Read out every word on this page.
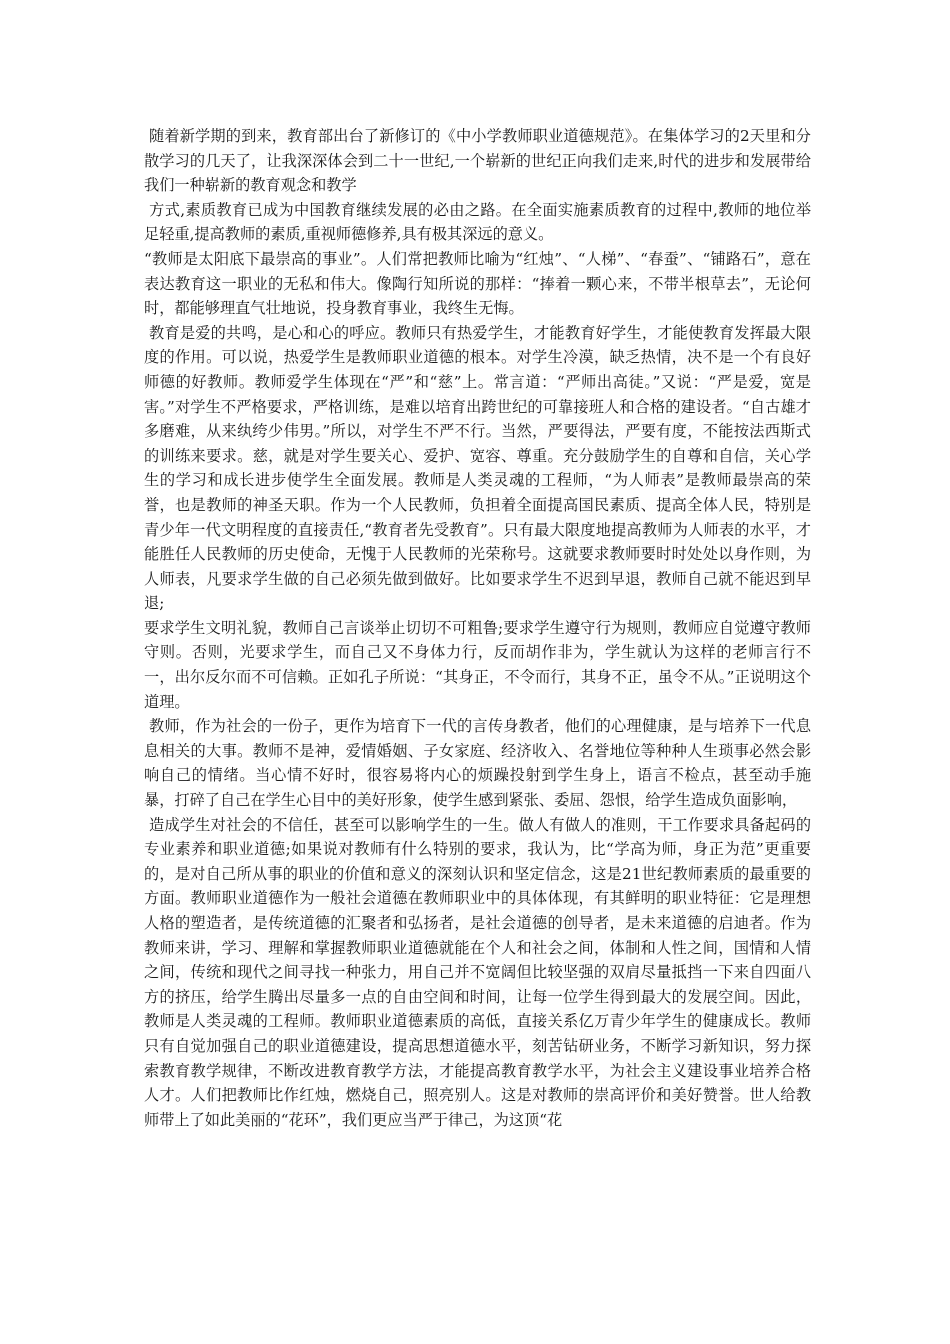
随着新学期的到来，教育部出台了新修订的《中小学教师职业道德规范》。在集体学习的2天里和分散学习的几天了，让我深深体会到二十一世纪,一个崭新的世纪正向我们走来,时代的进步和发展带给我们一种崭新的教育观念和教学

方式,素质教育已成为中国教育继续发展的必由之路。在全面实施素质教育的过程中,教师的地位举足轻重,提高教师的素质,重视师德修养,具有极其深远的意义。

“教师是太阳底下最崇高的事业”。人们常把教师比喻为“红烛”、“人梯”、“春蚕”、“铺路石”，意在表达教育这一职业的无私和伟大。像陶行知所说的那样：“捧着一颗心来，不带半根草去”，无论何时，都能够理直气壮地说，投身教育事业，我终生无悔。

教育是爱的共鸣，是心和心的呼应。教师只有热爱学生，才能教育好学生，才能使教育发挥最大限度的作用。可以说，热爱学生是教师职业道德的根本。对学生冷漠，缺乏热情，决不是一个有良好师德的好教师。教师爱学生体现在“严”和“慈”上。常言道：“严师出高徒。”又说：“严是爱，宽是害。”对学生不严格要求，严格训练，是难以培育出跨世纪的可靠接班人和合格的建设者。“自古雄才多磨难，从来纨绔少伟男。”所以，对学生不严不行。当然，严要得法，严要有度，不能按法西斯式的训练来要求。慈，就是对学生要关心、爱护、宽容、尊重。充分鼓励学生的自尊和自信，关心学生的学习和成长进步使学生全面发展。教师是人类灵魂的工程师，“为人师表”是教师最崇高的荣誉，也是教师的神圣天职。作为一个人民教师，负担着全面提高国民素质、提高全体人民，特别是青少年一代文明程度的直接责任,“教育者先受教育”。只有最大限度地提高教师为人师表的水平，才能胜任人民教师的历史使命，无愧于人民教师的光荣称号。这就要求教师要时时处处以身作则，为人师表，凡要求学生做的自己必须先做到做好。比如要求学生不迟到早退，教师自己就不能迟到早退;

要求学生文明礼貌，教师自己言谈举止切切不可粗鲁;要求学生遵守行为规则，教师应自觉遵守教师守则。否则，光要求学生，而自己又不身体力行，反而胡作非为，学生就认为这样的老师言行不一，出尔反尔而不可信赖。正如孔子所说：“其身正，不令而行，其身不正，虽令不从。”正说明这个道理。

教师，作为社会的一份子，更作为培育下一代的言传身教者，他们的心理健康，是与培养下一代息息相关的大事。教师不是神，爱情婚姻、子女家庭、经济收入、名誉地位等种种人生琐事必然会影响自己的情绪。当心情不好时，很容易将内心的烦躁投射到学生身上，语言不检点，甚至动手施暴，打碎了自己在学生心目中的美好形象，使学生感到紧张、委屈、怨恨，给学生造成负面影响，

造成学生对社会的不信任，甚至可以影响学生的一生。做人有做人的准则，干工作要求具备起码的专业素养和职业道德;如果说对教师有什么特别的要求，我认为，比“学高为师，身正为范”更重要的，是对自己所从事的职业的价值和意义的深刻认识和坚定信念，这是21世纪教师素质的最重要的方面。教师职业道德作为一般社会道德在教师职业中的具体体现，有其鲜明的职业特征：它是理想人格的塑造者，是传统道德的汇聚者和弘扬者，是社会道德的创导者，是未来道德的启迪者。作为教师来讲，学习、理解和掌握教师职业道德就能在个人和社会之间，体制和人性之间，国情和人情之间，传统和现代之间寻找一种张力，用自己并不宽阔但比较坚强的双肩尽量抵挡一下来自四面八方的挤压，给学生腾出尽量多一点的自由空间和时间，让每一位学生得到最大的发展空间。因此，教师是人类灵魂的工程师。教师职业道德素质的高低，直接关系亿万青少年学生的健康成长。教师只有自觉加强自己的职业道德建设，提高思想道德水平，刻苦钻研业务，不断学习新知识，努力探索教育教学规律，不断改进教育教学方法，才能提高教育教学水平，为社会主义建设事业培养合格人才。人们把教师比作红烛，燃烧自己，照亮别人。这是对教师的崇高评价和美好赞誉。世人给教师带上了如此美丽的“花环”，我们更应当严于律己，为这顶“花
